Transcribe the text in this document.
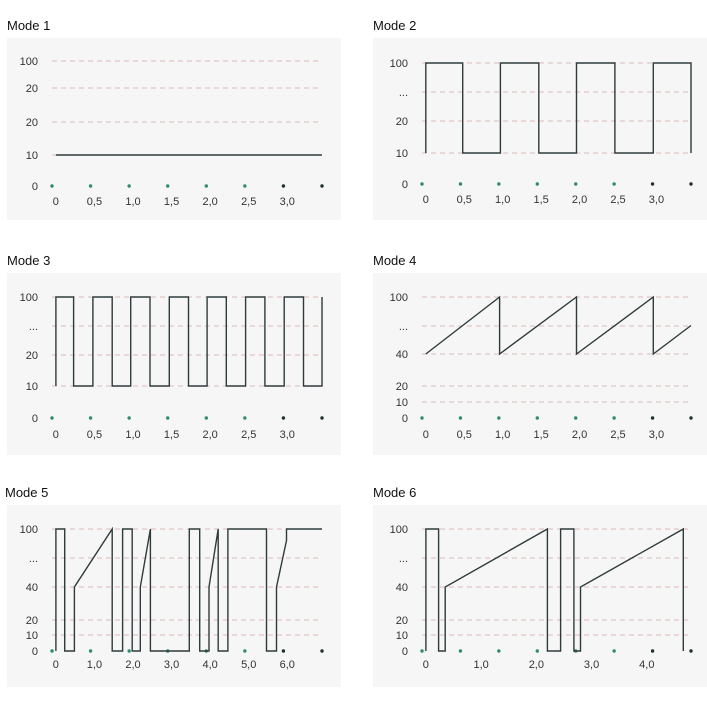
Mode 1
100
20
20
10
0
0	0,5 1,0 1,5 2,0 2,5 3,0
Mode 2
100
...
20
10
0
0	0,5 1,0 1,5 2,0 2,5 3,0
Mode 3
100
...
20
10
0
0	0,5 1,0 1,5 2,0 2,5 3,0
Mode 4
100
...
40
20
10
0
0	0,5 1,0 1,5 2,0 2,5 3,0
Mode 5
100
...
40
20
10
0
0	1,0 2,0 3,0 4,0 5,0 6,0
Mode 6
100
...
40
20
10
0
0	1,0	2,0	3,0	4,0
